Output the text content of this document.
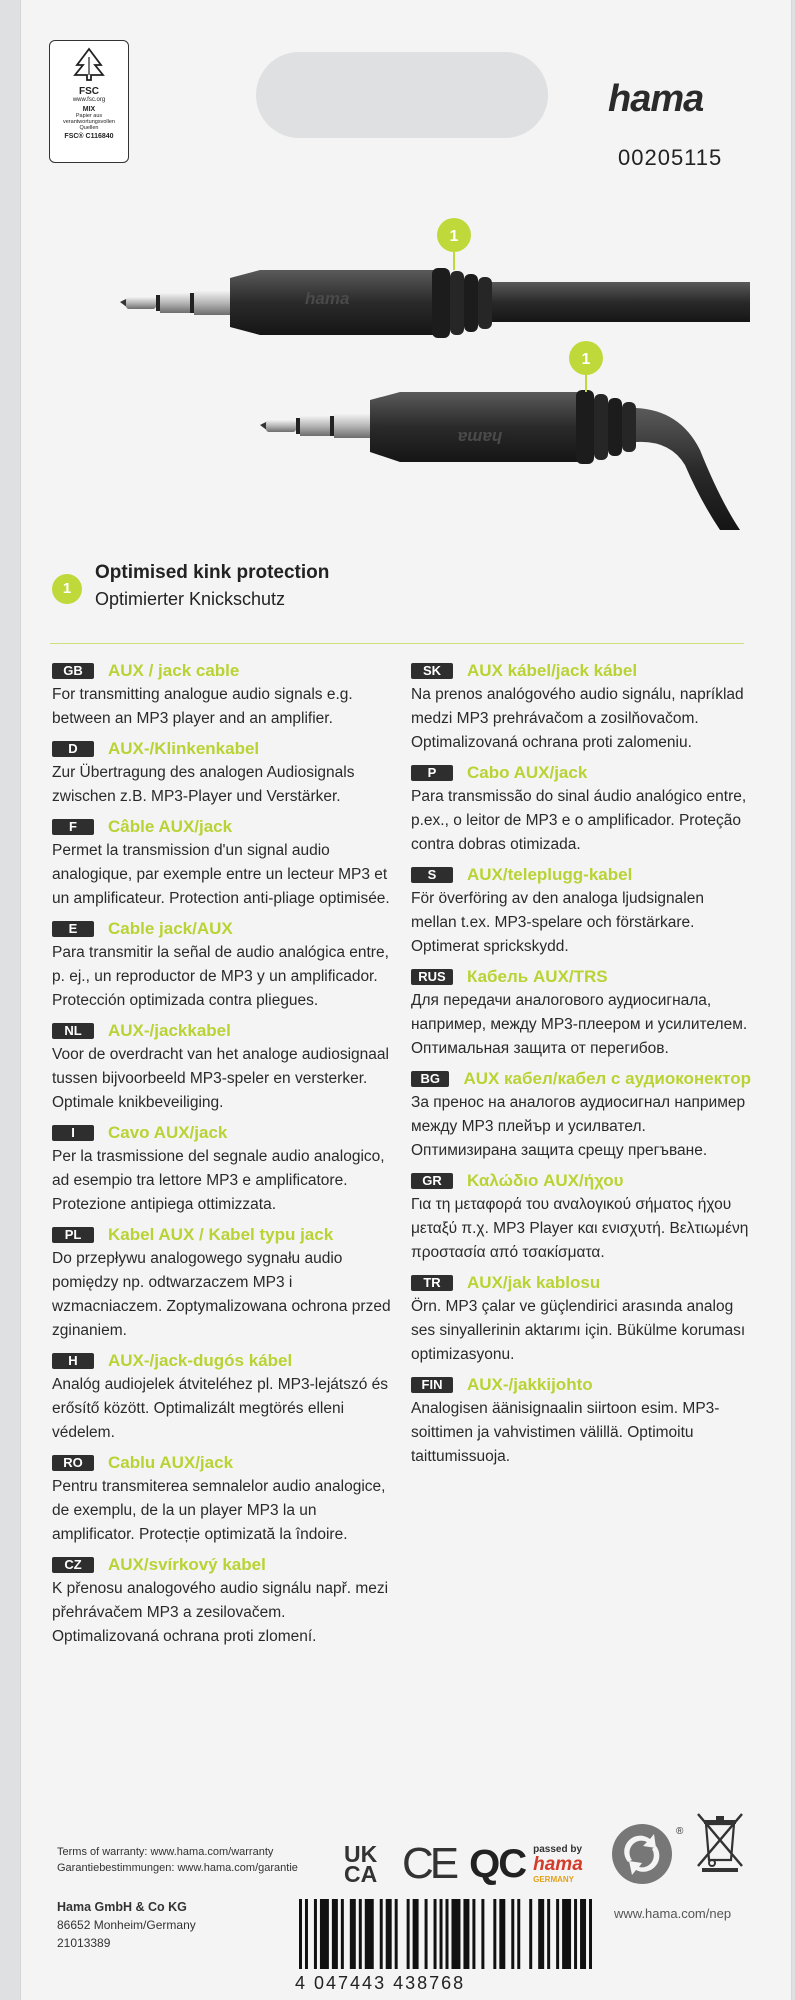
FSC
www.fsc.org
MIX
Papier aus verantwortungsvollen Quellen
FSC® C116840
hama
00205115
hama
1
hama
1
1
Optimised kink protection
Optimierter Knickschutz
GB	AUX / jack cable
For transmitting analogue audio signals e.g. between an MP3 player and an amplifier.
D	AUX-/Klinkenkabel
Zur Übertragung des analogen Audiosignals zwischen z.B. MP3-Player und Verstärker.
F	Câble AUX/jack
Permet la transmission d'un signal audio analogique, par exemple entre un lecteur MP3 et un amplificateur. Protection anti-pliage optimisée.
E	Cable jack/AUX
Para transmitir la señal de audio analógica entre, p. ej., un reproductor de MP3 y un amplificador. Protección optimizada contra pliegues.
NL	AUX-/jackkabel
Voor de overdracht van het analoge audiosignaal tussen bijvoorbeeld MP3-speler en versterker. Optimale knikbeveiliging.
I	Cavo AUX/jack
Per la trasmissione del segnale audio analogico, ad esempio tra lettore MP3 e amplificatore. Protezione antipiega ottimizzata.
PL	Kabel AUX / Kabel typu jack
Do przepływu analogowego sygnału audio pomiędzy np. odtwarzaczem MP3 i wzmacniaczem. Zoptymalizowana ochrona przed zginaniem.
H	AUX-/jack-dugós kábel
Analóg audiojelek átviteléhez pl. MP3-lejátszó és erősítő között. Optimalizált megtörés elleni védelem.
RO	Cablu AUX/jack
Pentru transmiterea semnalelor audio analogice, de exemplu, de la un player MP3 la un amplificator. Protecție optimizată la îndoire.
CZ	AUX/svírkový kabel
K přenosu analogového audio signálu např. mezi přehrávačem MP3 a zesilovačem. Optimalizovaná ochrana proti zlomení.
SK	AUX kábel/jack kábel
Na prenos analógového audio signálu, napríklad medzi MP3 prehrávačom a zosilňovačom. Optimalizovaná ochrana proti zalomeniu.
P	Cabo AUX/jack
Para transmissão do sinal áudio analógico entre, p.ex., o leitor de MP3 e o amplificador. Proteção contra dobras otimizada.
S	AUX/teleplugg-kabel
För överföring av den analoga ljudsignalen mellan t.ex. MP3-spelare och förstärkare. Optimerat sprickskydd.
RUS	Кабель AUX/TRS
Для передачи аналогового аудиосигнала, например, между MP3-плеером и усилителем. Оптимальная защита от перегибов.
BG	AUX кабел/кабел с аудиоконектор
За пренос на аналогов аудиосигнал например между MP3 плейър и усилвател. Оптимизирана защита срещу прегъване.
GR	Καλώδιο AUX/ήχου
Για τη μεταφορά του αναλογικού σήματος ήχου μεταξύ π.χ. MP3 Player και ενισχυτή. Βελτιωμένη προστασία από τσακίσματα.
TR	AUX/jak kablosu
Örn. MP3 çalar ve güçlendirici arasında analog ses sinyallerinin aktarımı için. Bükülme koruması optimizasyonu.
FIN	AUX-/jakkijohto
Analogisen äänisignaalin siirtoon esim. MP3-soittimen ja vahvistimen välillä. Optimoitu taittumissuoja.
Terms of warranty: www.hama.com/warranty
Garantiebestimmungen: www.hama.com/garantie
Hama GmbH & Co KG
86652 Monheim/Germany
21013389
UK
CA CE QC passed by
hama
GERMANY
®
www.hama.com/nep
4 047443 438768
